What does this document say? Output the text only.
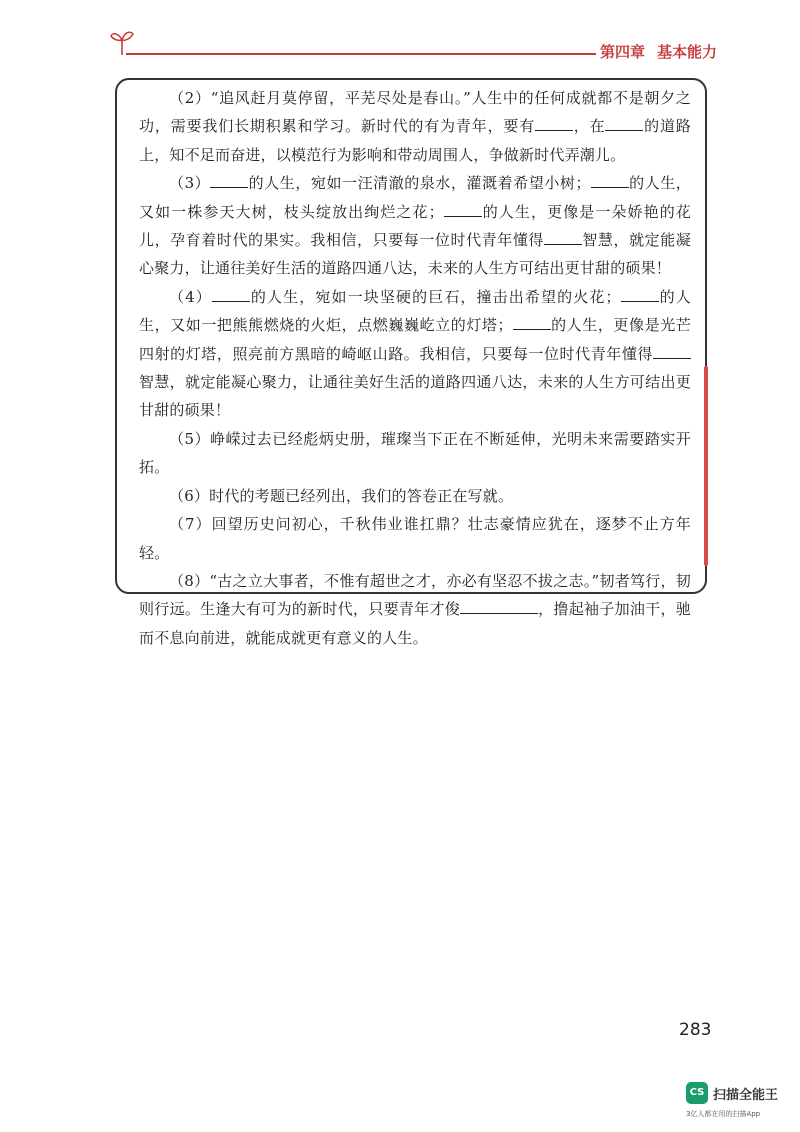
第四章 基本能力

（2）“追风赶月莫停留，平芜尽处是春山。”人生中的任何成就都不是朝夕之功，需要我们长期积累和学习。新时代的有为青年，要有	，在	的道路上，知不足而奋进，以模范行为影响和带动周围人，争做新时代弄潮儿。

（3）	的人生，宛如一汪清澈的泉水，灌溉着希望小树；	的人生，又如一株参天大树，枝头绽放出绚烂之花；	的人生，更像是一朵娇艳的花儿，孕育着时代的果实。我相信，只要每一位时代青年懂得	智慧，就定能凝心聚力，让通往美好生活的道路四通八达，未来的人生方可结出更甘甜的硕果！

（4）	的人生，宛如一块坚硬的巨石，撞击出希望的火花；	的人生，又如一把熊熊燃烧的火炬，点燃巍巍屹立的灯塔；	的人生，更像是光芒四射的灯塔，照亮前方黑暗的崎岖山路。我相信，只要每一位时代青年懂得智慧，就定能凝心聚力，让通往美好生活的道路四通八达，未来的人生方可结出更甘甜的硕果！

（5）峥嵘过去已经彪炳史册，璀璨当下正在不断延伸，光明未来需要踏实开拓。

（6）时代的考题已经列出，我们的答卷正在写就。

（7）回望历史问初心，千秋伟业谁扛鼎？壮志豪情应犹在，逐梦不止方年轻。

（8）“古之立大事者，不惟有超世之才，亦必有坚忍不拔之志。”韧者笃行，韧则行远。生逢大有可为的新时代，只要青年才俊	，撸起袖子加油干，驰而不息向前进，就能成就更有意义的人生。

283
CS 扫描全能王
3亿人都在用的扫描App
